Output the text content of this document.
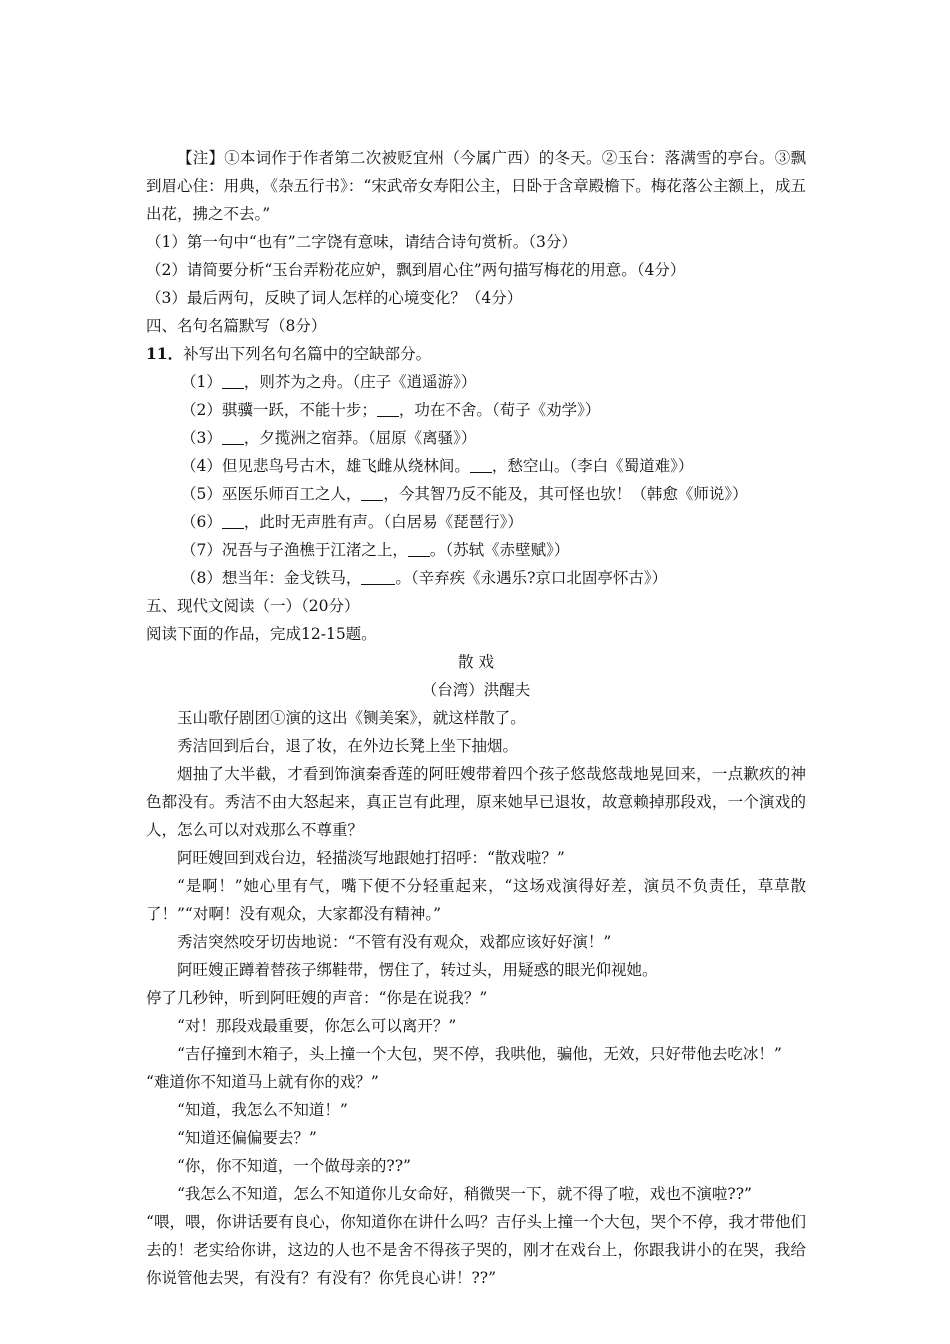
【注】①本词作于作者第二次被贬宜州（今属广西）的冬天。②玉台：落满雪的亭台。③飘到眉心住：用典，《杂五行书》：“宋武帝女寿阳公主，日卧于含章殿檐下。梅花落公主额上，成五出花，拂之不去。”

（1）第一句中“也有”二字饶有意味，请结合诗句赏析。（3分）

（2）请简要分析“玉台弄粉花应妒，飘到眉心住”两句描写梅花的用意。（4分）

（3）最后两句，反映了词人怎样的心境变化？（4分）

四、名句名篇默写（8分）

11．补写出下列名句名篇中的空缺部分。

（1） ，则芥为之舟。（庄子《逍遥游》）

（2）骐骥一跃，不能十步； ，功在不舍。（荀子《劝学》）

（3） ，夕揽洲之宿莽。（屈原《离骚》）

（4）但见悲鸟号古木，雄飞雌从绕林间。 ，愁空山。（李白《蜀道难》）

（5）巫医乐师百工之人， ，今其智乃反不能及，其可怪也欤！（韩愈《师说》）

（6） ，此时无声胜有声。（白居易《琵琶行》）

（7）况吾与子渔樵于江渚之上， 。（苏轼《赤壁赋》）

（8）想当年：金戈铁马， 。（辛弃疾《永遇乐?京口北固亭怀古》）

五、现代文阅读（一）（20分）

阅读下面的作品，完成12-15题。

散 戏

（台湾）洪醒夫

玉山歌仔剧团①演的这出《铡美案》，就这样散了。

秀洁回到后台，退了妆，在外边长凳上坐下抽烟。

烟抽了大半截，才看到饰演秦香莲的阿旺嫂带着四个孩子悠哉悠哉地晃回来，一点歉疚的神色都没有。秀洁不由大怒起来，真正岂有此理，原来她早已退妆，故意赖掉那段戏，一个演戏的人，怎么可以对戏那么不尊重？

阿旺嫂回到戏台边，轻描淡写地跟她打招呼：“散戏啦？”

“是啊！”她心里有气，嘴下便不分轻重起来，“这场戏演得好差，演员不负责任，草草散了！”“对啊！没有观众，大家都没有精神。”

秀洁突然咬牙切齿地说：“不管有没有观众，戏都应该好好演！”

阿旺嫂正蹲着替孩子绑鞋带，愣住了，转过头，用疑惑的眼光仰视她。

停了几秒钟，听到阿旺嫂的声音：“你是在说我？”

“对！那段戏最重要，你怎么可以离开？”

“吉仔撞到木箱子，头上撞一个大包，哭不停，我哄他，骗他，无效，只好带他去吃冰！”

“难道你不知道马上就有你的戏？”

“知道，我怎么不知道！”

“知道还偏偏要去？”

“你，你不知道，一个做母亲的??”

“我怎么不知道，怎么不知道你儿女命好，稍微哭一下，就不得了啦，戏也不演啦??”

“喂，喂，你讲话要有良心，你知道你在讲什么吗？吉仔头上撞一个大包，哭个不停，我才带他们去的！老实给你讲，这边的人也不是舍不得孩子哭的，刚才在戏台上，你跟我讲小的在哭，我给你说管他去哭，有没有？有没有？你凭良心讲！??”
